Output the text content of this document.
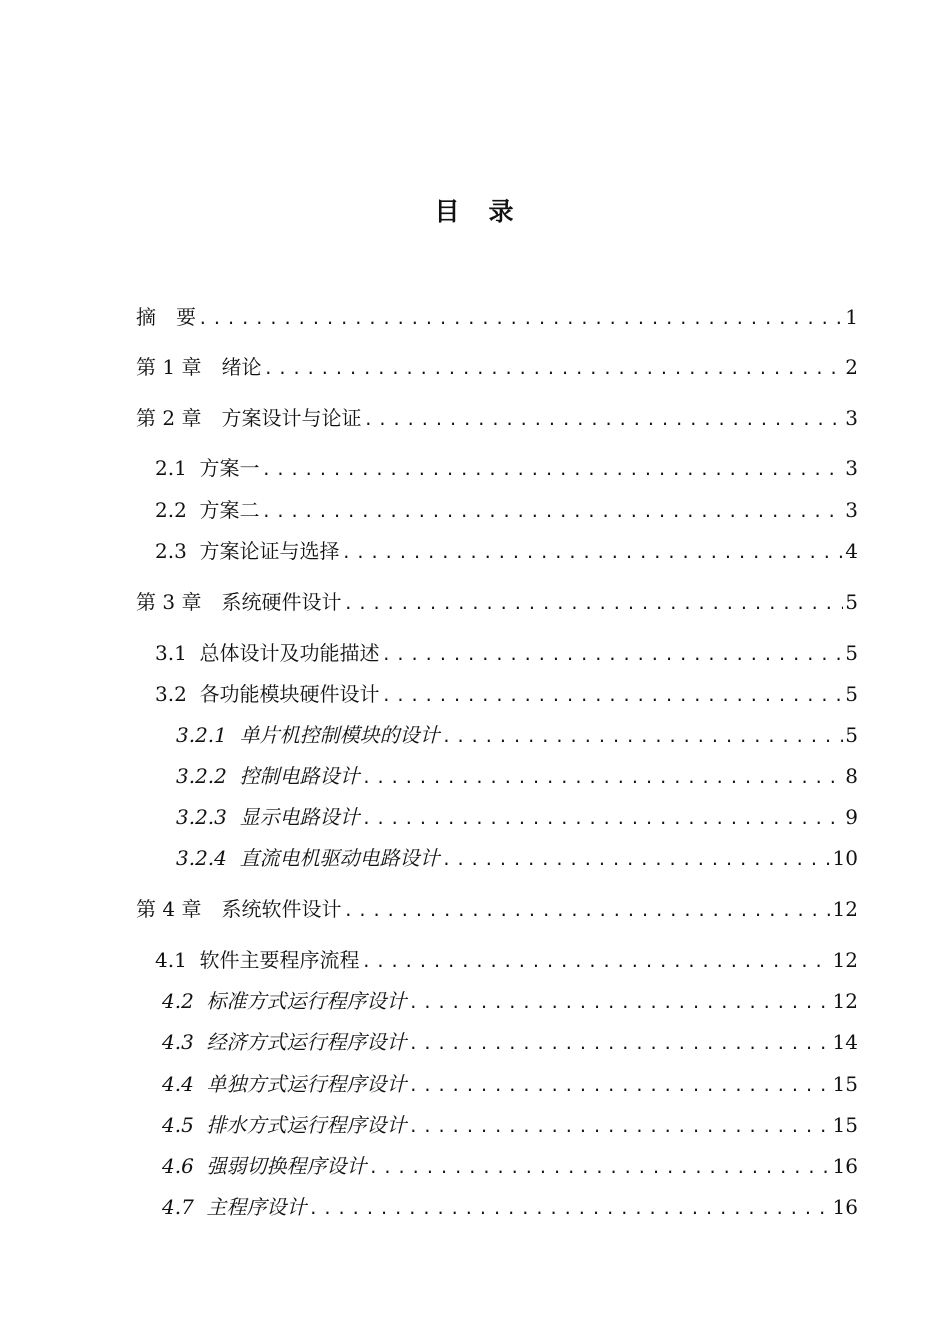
目　录
摘　要 .....	1
第 1 章　绪论 .....	2
第 2 章　方案设计与论证 .....	3
2.1  方案一 .....	3
2.2  方案二 .....	3
2.3  方案论证与选择 .....	4
第 3 章　系统硬件设计 .....	5
3.1  总体设计及功能描述 .....	5
3.2  各功能模块硬件设计 .....	5
3.2.1  单片机控制模块的设计 .....	5
3.2.2  控制电路设计 .....	8
3.2.3  显示电路设计 .....	9
3.2.4  直流电机驱动电路设计 .....	10
第 4 章　系统软件设计 .....	12
4.1  软件主要程序流程 .....	12
4.2  标准方式运行程序设计 .....	12
4.3  经济方式运行程序设计 .....	14
4.4  单独方式运行程序设计 .....	15
4.5  排水方式运行程序设计 .....	15
4.6  强弱切换程序设计 .....	16
4.7  主程序设计 .....	16
